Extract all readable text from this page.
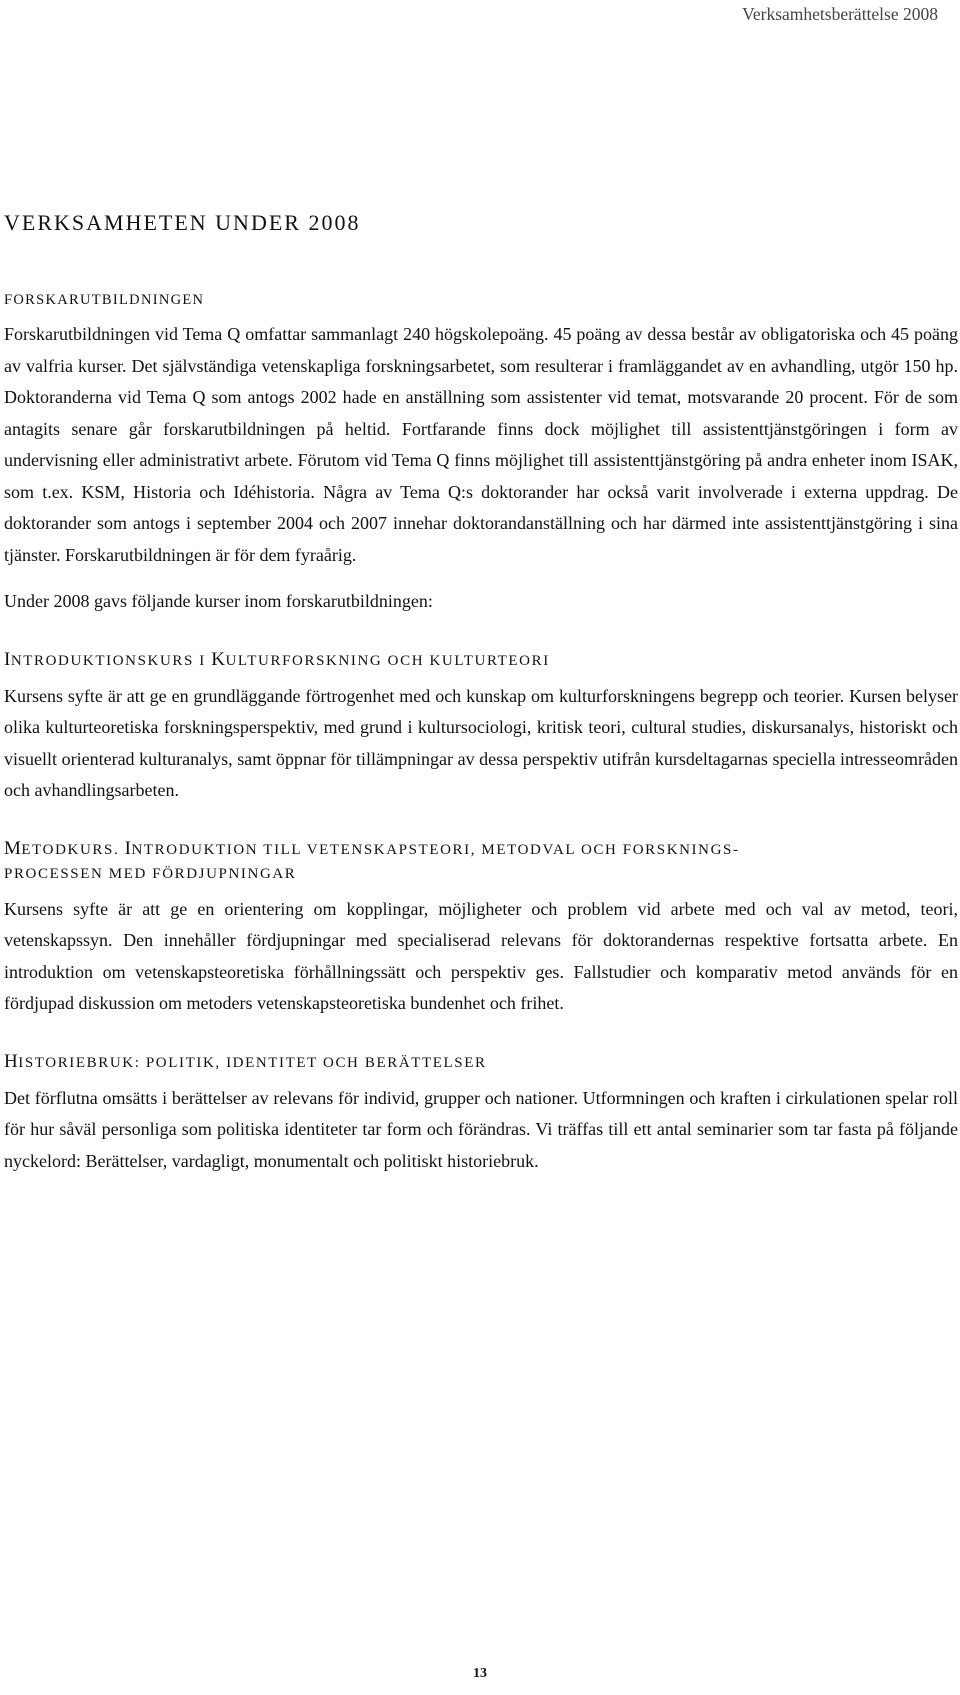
Verksamhetsberättelse 2008
VERKSAMHETEN UNDER 2008
FORSKARUTBILDNINGEN

Forskarutbildningen vid Tema Q omfattar sammanlagt 240 högskolepoäng. 45 poäng av dessa består av obligatoriska och 45 poäng av valfria kurser. Det självständiga vetenskapliga forskningsarbetet, som resulterar i framläggandet av en avhandling, utgör 150 hp. Doktoranderna vid Tema Q som antogs 2002 hade en anställning som assistenter vid temat, motsvarande 20 procent. För de som antagits senare går forskarutbildningen på heltid. Fortfarande finns dock möjlighet till assistenttjänstgöringen i form av undervisning eller administrativt arbete. Förutom vid Tema Q finns möjlighet till assistenttjänstgöring på andra enheter inom ISAK, som t.ex. KSM, Historia och Idéhistoria. Några av Tema Q:s doktorander har också varit involverade i externa uppdrag. De doktorander som antogs i september 2004 och 2007 innehar doktorandanställning och har därmed inte assistenttjänstgöring i sina tjänster. Forskarutbildningen är för dem fyraårig.

Under 2008 gavs följande kurser inom forskarutbildningen:

INTRODUKTIONSKURS I KULTURFORSKNING OCH KULTURTEORI

Kursens syfte är att ge en grundläggande förtrogenhet med och kunskap om kulturforskningens begrepp och teorier. Kursen belyser olika kulturteoretiska forskningsperspektiv, med grund i kultursociologi, kritisk teori, cultural studies, diskursanalys, historiskt och visuellt orienterad kulturanalys, samt öppnar för tillämpningar av dessa perspektiv utifrån kursdeltagarnas speciella intresseområden och avhandlingsarbeten.

METODKURS. INTRODUKTION TILL VETENSKAPSTEORI, METODVAL OCH FORSKNINGS-
PROCESSEN MED FÖRDJUPNINGAR

Kursens syfte är att ge en orientering om kopplingar, möjligheter och problem vid arbete med och val av metod, teori, vetenskapssyn. Den innehåller fördjupningar med specialiserad relevans för doktorandernas respektive fortsatta arbete. En introduktion om vetenskapsteoretiska förhållningssätt och perspektiv ges. Fallstudier och komparativ metod används för en fördjupad diskussion om metoders vetenskapsteoretiska bundenhet och frihet.

HISTORIEBRUK: POLITIK, IDENTITET OCH BERÄTTELSER

Det förflutna omsätts i berättelser av relevans för individ, grupper och nationer. Utformningen och kraften i cirkulationen spelar roll för hur såväl personliga som politiska identiteter tar form och förändras. Vi träffas till ett antal seminarier som tar fasta på följande nyckelord: Berättelser, vardagligt, monumentalt och politiskt historiebruk.

13
